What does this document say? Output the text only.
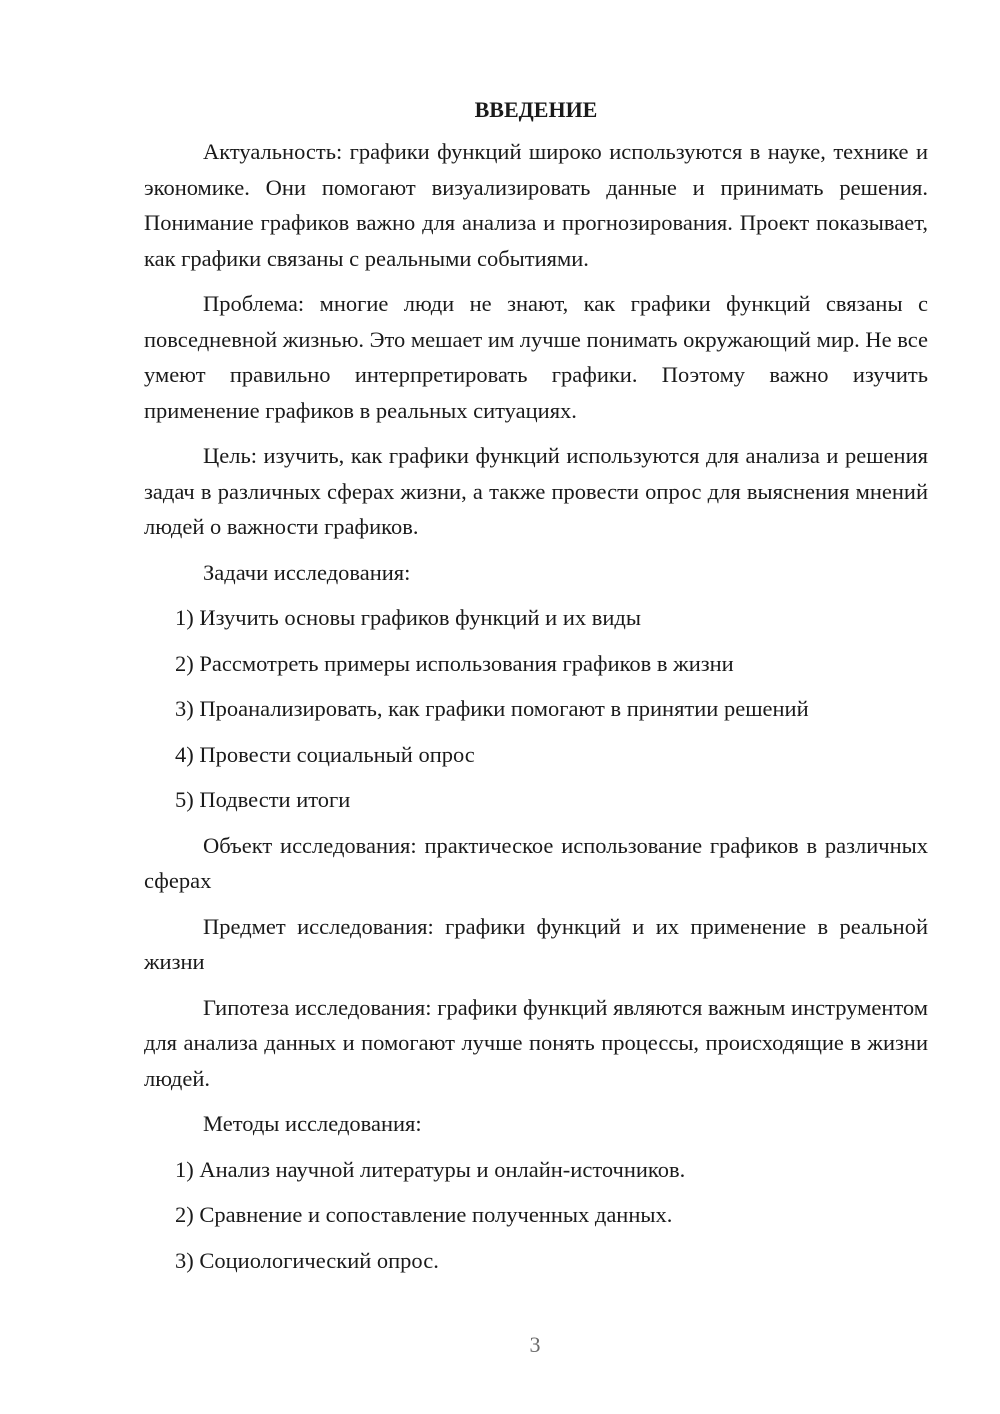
ВВЕДЕНИЕ

Актуальность: графики функций широко используются в науке, технике и экономике. Они помогают визуализировать данные и принимать решения. Понимание графиков важно для анализа и прогнозирования. Проект показывает, как графики связаны с реальными событиями.

Проблема: многие люди не знают, как графики функций связаны с повседневной жизнью. Это мешает им лучше понимать окружающий мир. Не все умеют правильно интерпретировать графики. Поэтому важно изучить применение графиков в реальных ситуациях.

Цель: изучить, как графики функций используются для анализа и решения задач в различных сферах жизни, а также провести опрос для выяснения мнений людей о важности графиков.

Задачи исследования:
1) Изучить основы графиков функций и их виды
2) Рассмотреть примеры использования графиков в жизни
3) Проанализировать, как графики помогают в принятии решений
4) Провести социальный опрос
5) Подвести итоги

Объект исследования: практическое использование графиков в различных сферах

Предмет исследования: графики функций и их применение в реальной жизни

Гипотеза исследования: графики функций являются важным инструментом для анализа данных и помогают лучше понять процессы, происходящие в жизни людей.

Методы исследования:
1) Анализ научной литературы и онлайн-источников.
2) Сравнение и сопоставление полученных данных.
3) Социологический опрос.
3
